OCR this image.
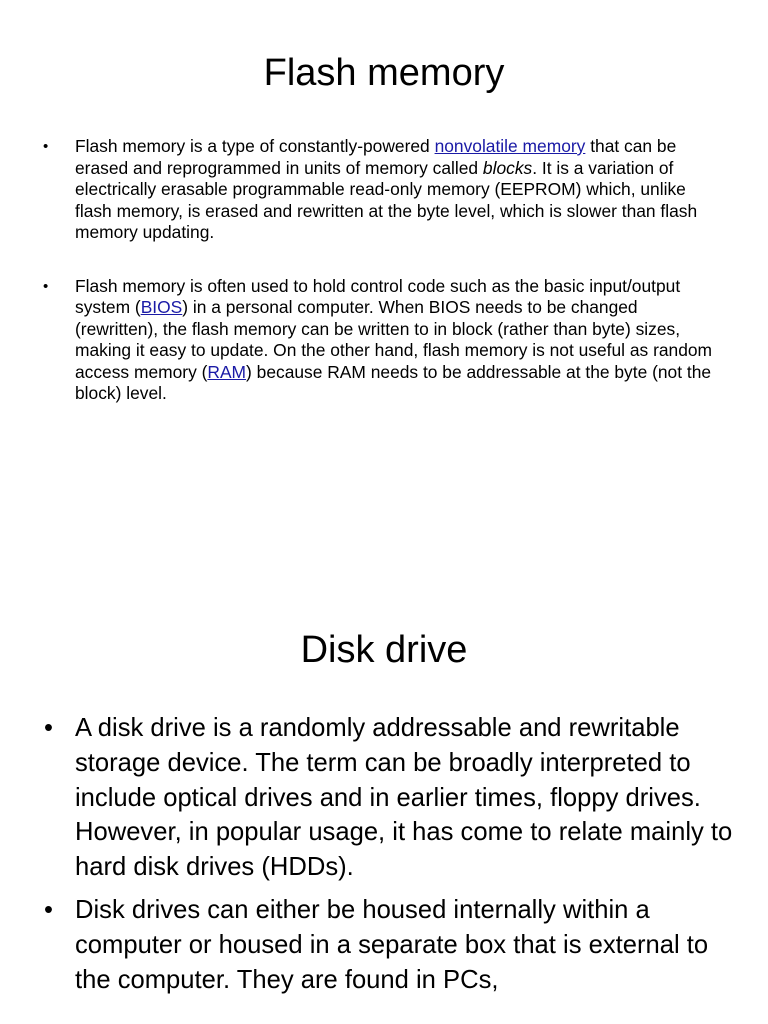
Flash memory
• Flash memory is a type of constantly-powered nonvolatile memory that can be erased and reprogrammed in units of memory called blocks. It is a variation of electrically erasable programmable read-only memory (EEPROM) which, unlike flash memory, is erased and rewritten at the byte level, which is slower than flash memory updating.
• Flash memory is often used to hold control code such as the basic input/output system (BIOS) in a personal computer. When BIOS needs to be changed (rewritten), the flash memory can be written to in block (rather than byte) sizes, making it easy to update. On the other hand, flash memory is not useful as random access memory (RAM) because RAM needs to be addressable at the byte (not the block) level.
Disk drive
• A disk drive is a randomly addressable and rewritable storage device. The term can be broadly interpreted to include optical drives and in earlier times, floppy drives. However, in popular usage, it has come to relate mainly to hard disk drives (HDDs).
• Disk drives can either be housed internally within a computer or housed in a separate box that is external to the computer. They are found in PCs,
